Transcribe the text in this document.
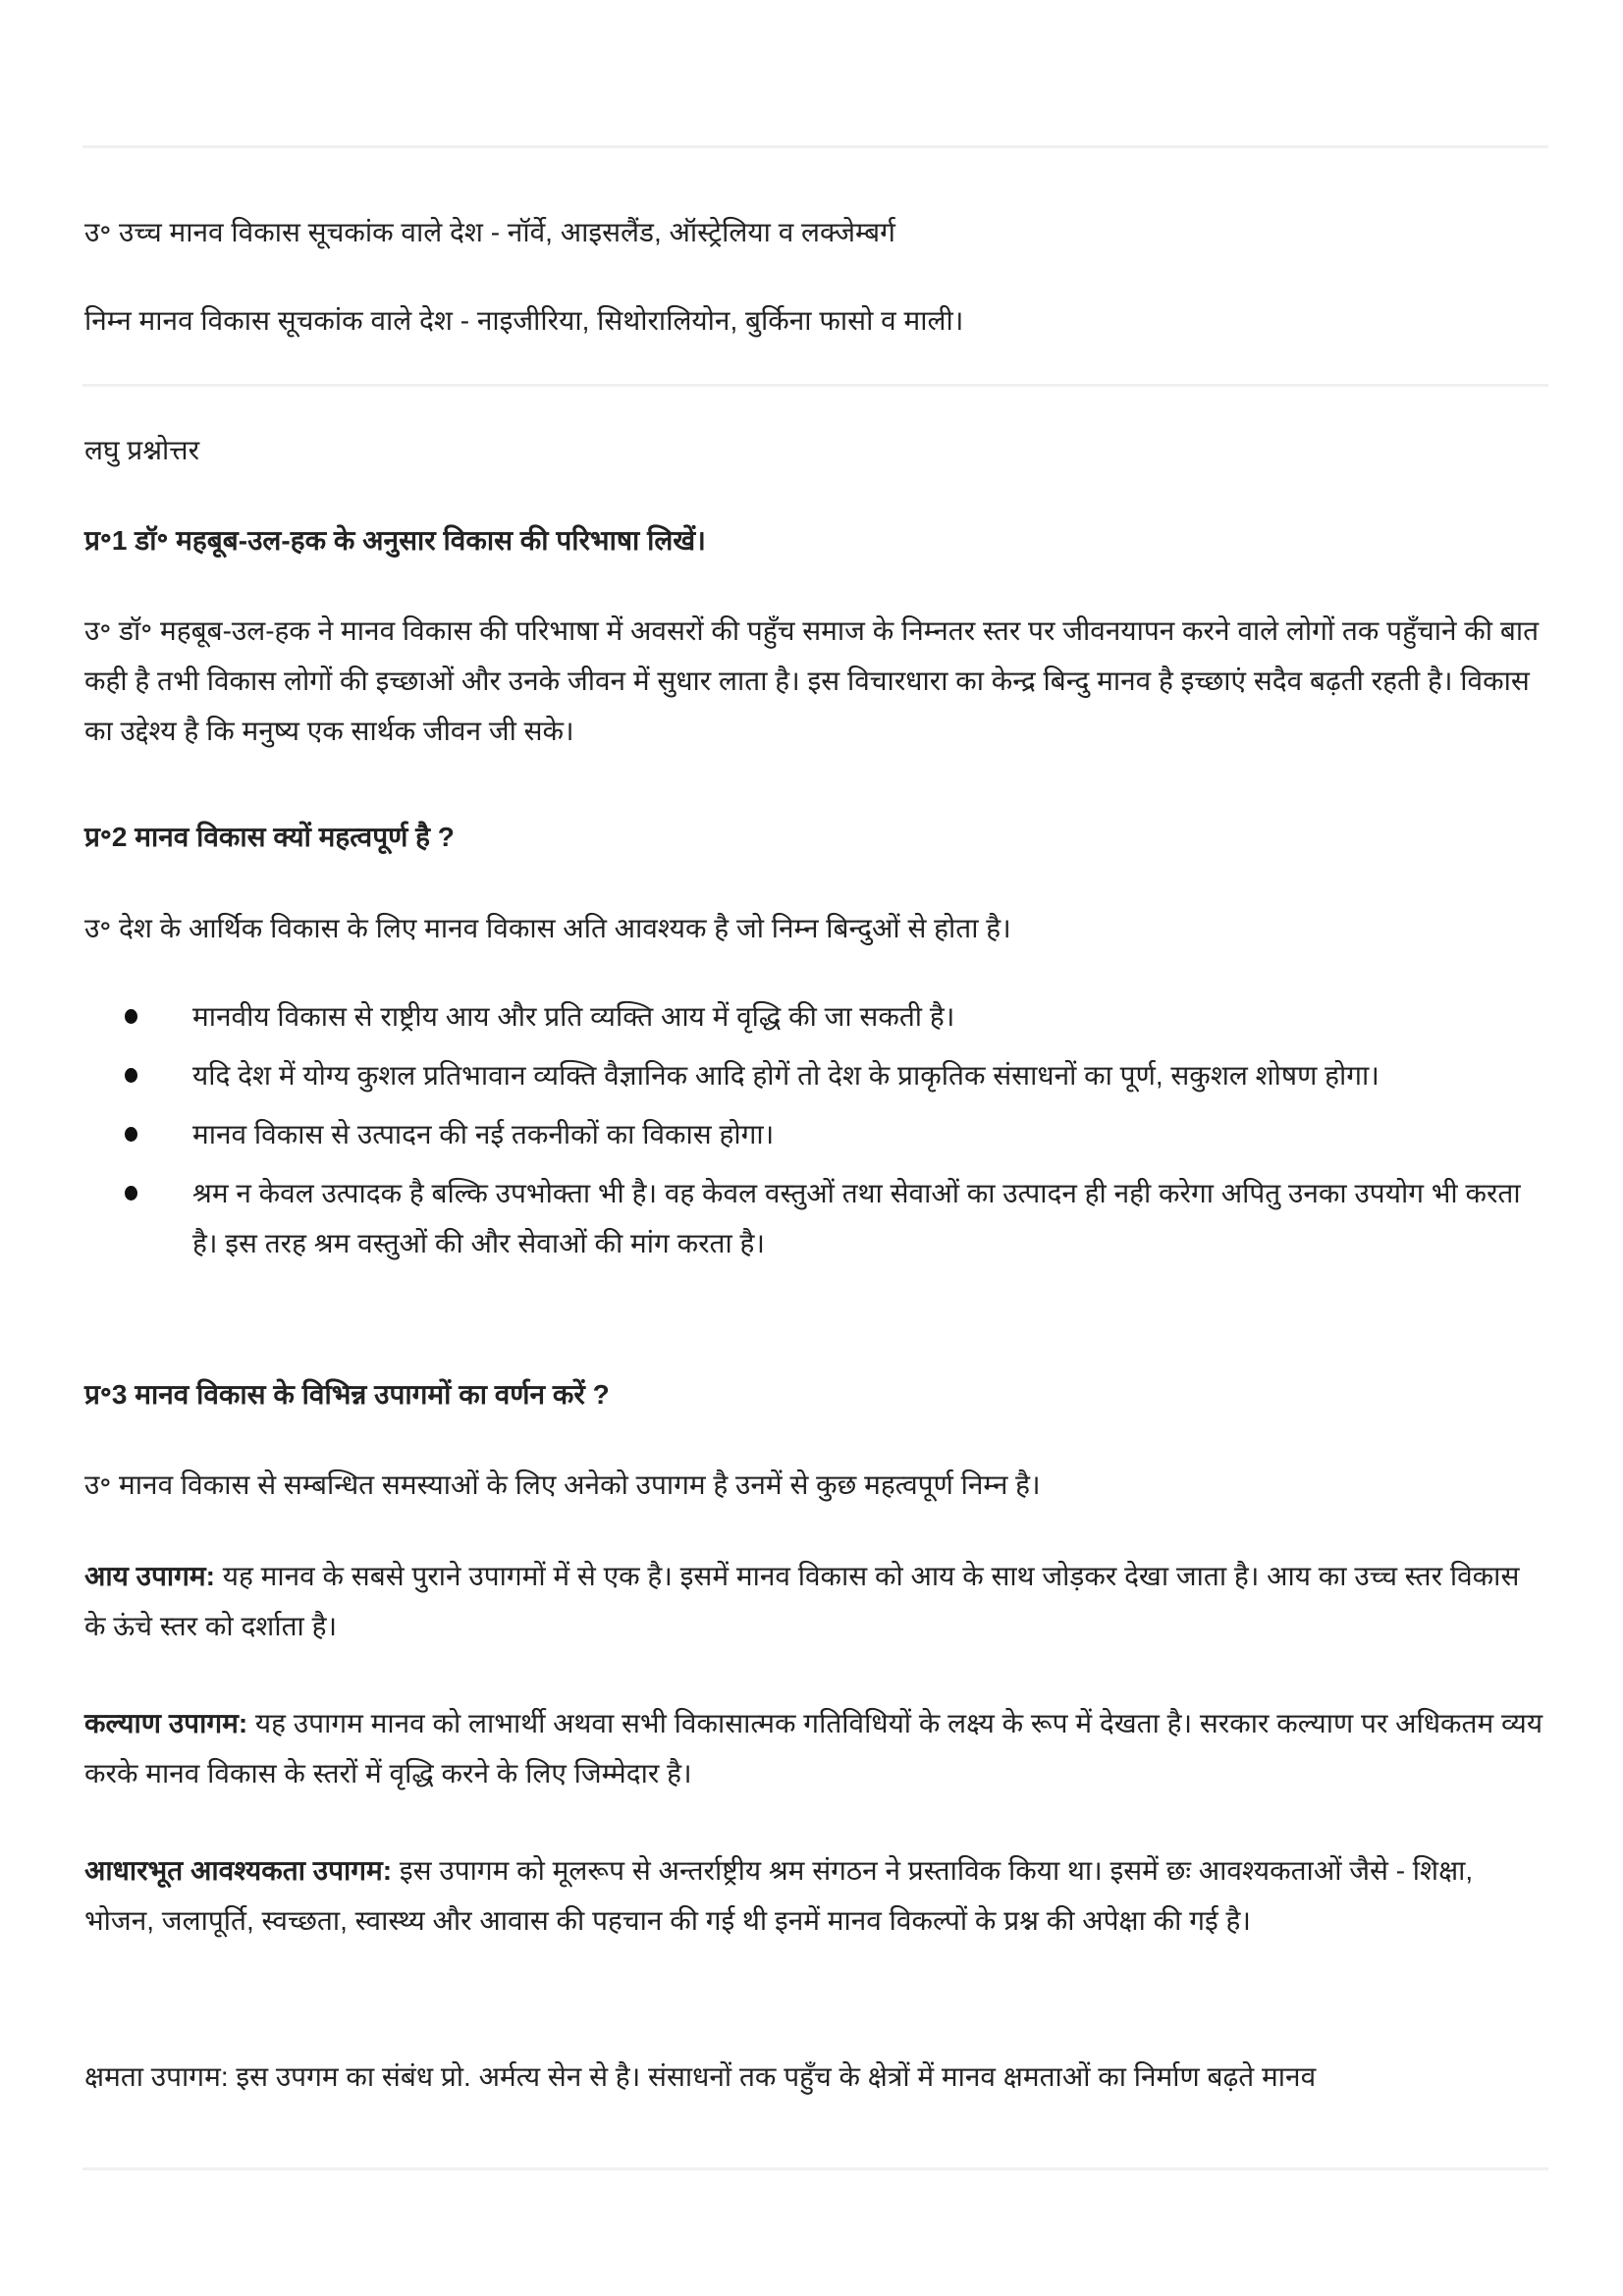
उ॰ उच्च मानव विकास सूचकांक वाले देश - नॉर्वे, आइसलैंड, ऑस्ट्रेलिया व लक्जेम्बर्ग

निम्न मानव विकास सूचकांक वाले देश - नाइजीरिया, सिथोरालियोन, बुर्किना फासो व माली।

लघु प्रश्नोत्तर

प्र॰1 डॉ॰ महबूब-उल-हक के अनुसार विकास की परिभाषा लिखें।

उ॰ डॉ॰ महबूब-उल-हक ने मानव विकास की परिभाषा में अवसरों की पहुँच समाज के निम्नतर स्तर पर जीवनयापन करने वाले लोगों तक पहुँचाने की बात कही है तभी विकास लोगों की इच्छाओं और उनके जीवन में सुधार लाता है। इस विचारधारा का केन्द्र बिन्दु मानव है इच्छाएं सदैव बढ़ती रहती है। विकास का उद्देश्य है कि मनुष्य एक सार्थक जीवन जी सके।

प्र॰2 मानव विकास क्यों महत्वपूर्ण है ?

उ॰ देश के आर्थिक विकास के लिए मानव विकास अति आवश्यक है जो निम्न बिन्दुओं से होता है।

मानवीय विकास से राष्ट्रीय आय और प्रति व्यक्ति आय में वृद्धि की जा सकती है।
यदि देश में योग्य कुशल प्रतिभावान व्यक्ति वैज्ञानिक आदि होगें तो देश के प्राकृतिक संसाधनों का पूर्ण, सकुशल शोषण होगा।
मानव विकास से उत्पादन की नई तकनीकों का विकास होगा।
श्रम न केवल उत्पादक है बल्कि उपभोक्ता भी है। वह केवल वस्तुओं तथा सेवाओं का उत्पादन ही नही करेगा अपितु उनका उपयोग भी करता है। इस तरह श्रम वस्तुओं की और सेवाओं की मांग करता है।

प्र॰3 मानव विकास के विभिन्न उपागमों का वर्णन करें ?

उ॰ मानव विकास से सम्बन्धित समस्याओं के लिए अनेको उपागम है उनमें से कुछ महत्वपूर्ण निम्न है।

आय उपागम: यह मानव के सबसे पुराने उपागमों में से एक है। इसमें मानव विकास को आय के साथ जोड़कर देखा जाता है। आय का उच्च स्तर विकास के ऊंचे स्तर को दर्शाता है।

कल्याण उपागम: यह उपागम मानव को लाभार्थी अथवा सभी विकासात्मक गतिविधियों के लक्ष्य के रूप में देखता है। सरकार कल्याण पर अधिकतम व्यय करके मानव विकास के स्तरों में वृद्धि करने के लिए जिम्मेदार है।

आधारभूत आवश्यकता उपागम: इस उपागम को मूलरूप से अन्तर्राष्ट्रीय श्रम संगठन ने प्रस्ताविक किया था। इसमें छः आवश्यकताओं जैसे - शिक्षा, भोजन, जलापूर्ति, स्वच्छता, स्वास्थ्य और आवास की पहचान की गई थी इनमें मानव विकल्पों के प्रश्न की अपेक्षा की गई है।

क्षमता उपागम: इस उपगम का संबंध प्रो. अर्मत्य सेन से है। संसाधनों तक पहुँच के क्षेत्रों में मानव क्षमताओं का निर्माण बढ़ते मानव
